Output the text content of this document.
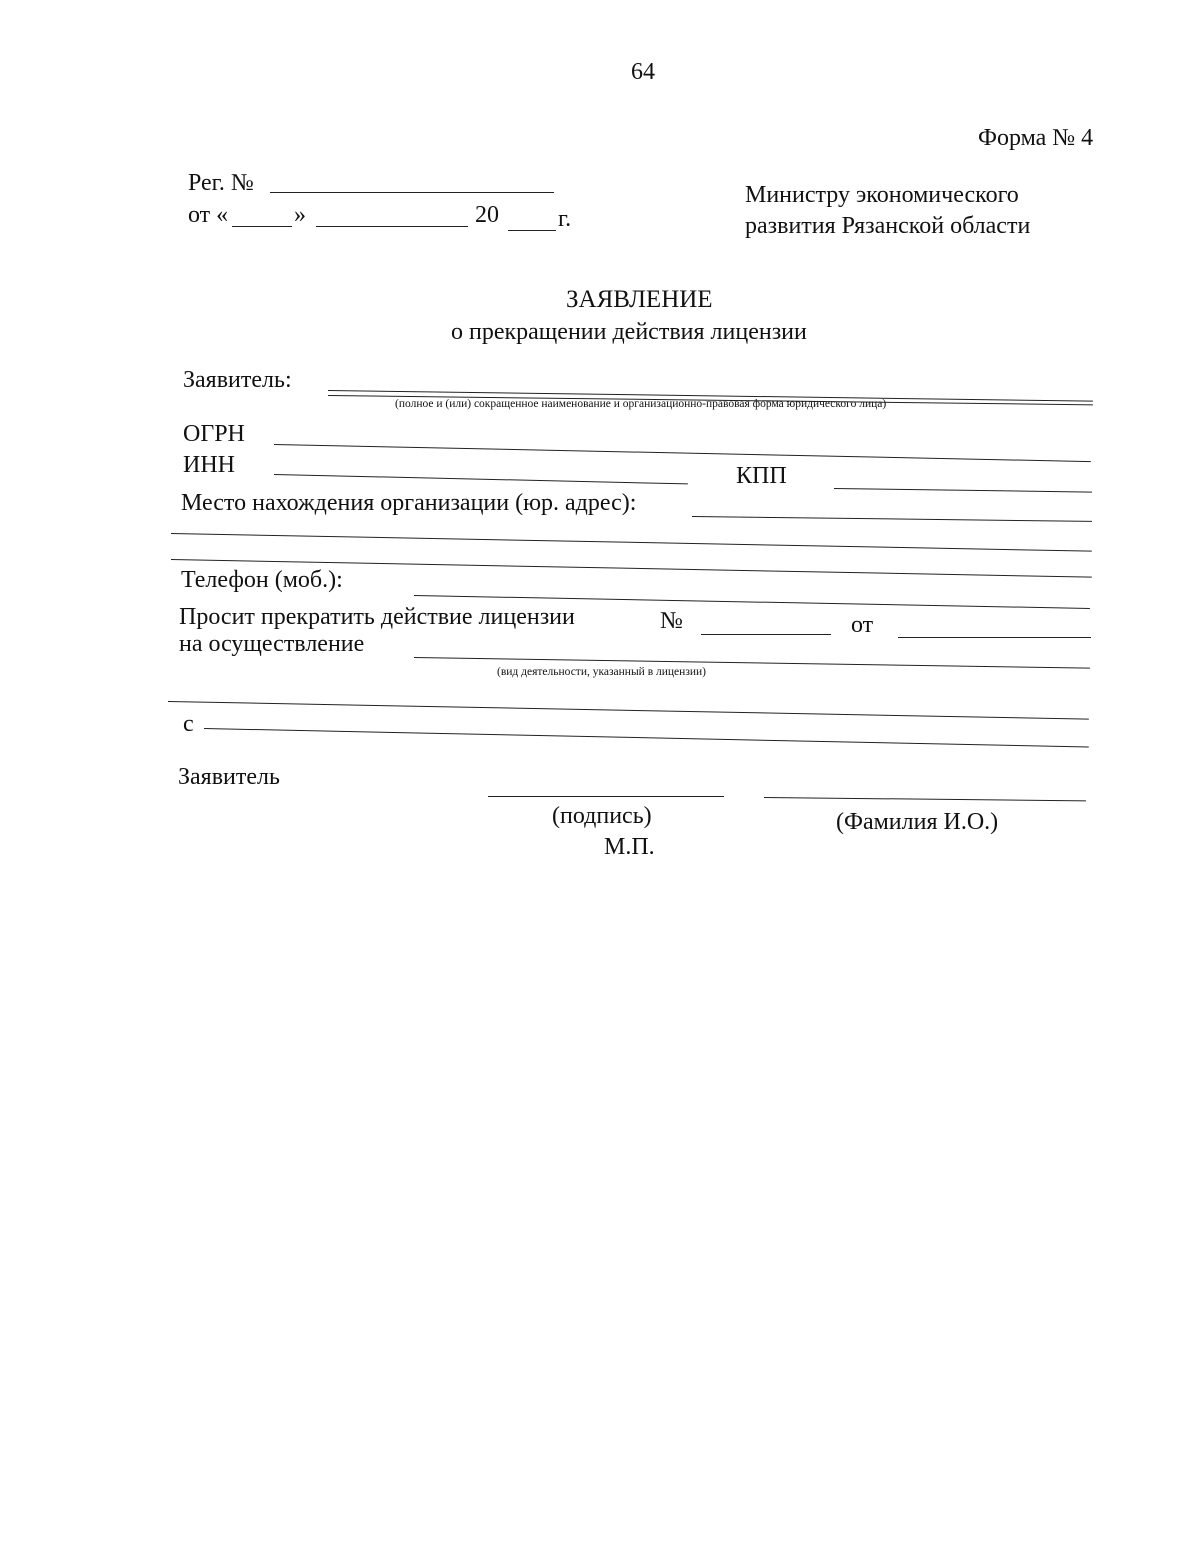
64
Форма № 4
Рег. №
от «	»	20 г.
Министру экономического
развития Рязанской области
ЗАЯВЛЕНИЕ
о прекращении действия лицензии
Заявитель:
(полное и (или) сокращенное наименование и организационно-правовая форма юридического лица)
ОГРН
ИНН	КПП
Место нахождения организации (юр. адрес):
Телефон (моб.):
Просит прекратить действие лицензии	№	от
на осуществление
(вид деятельности, указанный в лицензии)
с
Заявитель
(подпись)	(Фамилия И.О.)
М.П.
